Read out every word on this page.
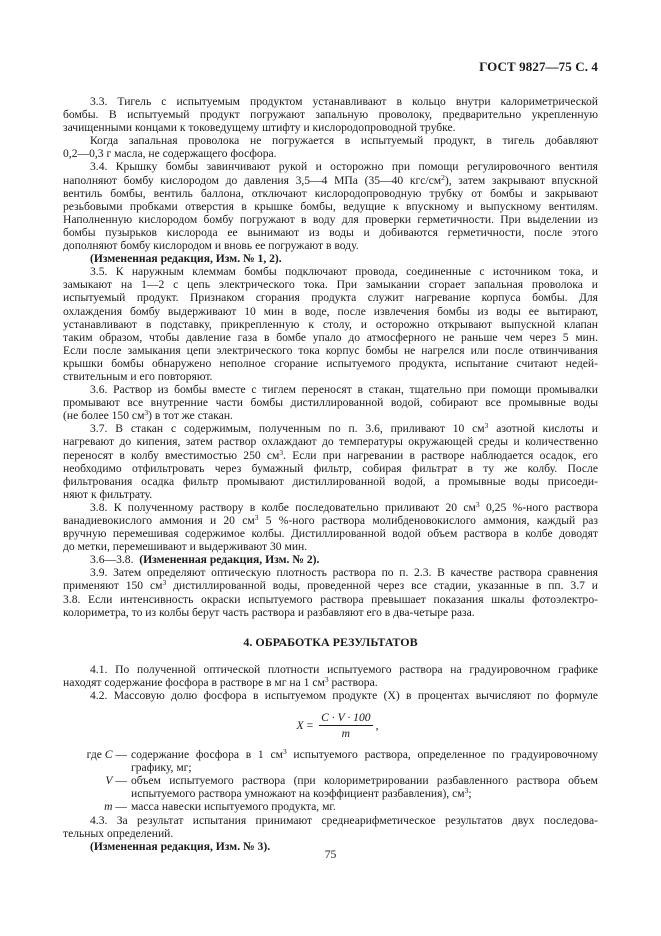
ГОСТ 9827—75 С. 4
3.3. Тигель с испытуемым продуктом устанавливают в кольцо внутри калориметрической
бомбы. В испытуемый продукт погружают запальную проволоку, предварительно укрепленную
зачищенными концами к токоведущему штифту и кислородопроводной трубке.
Когда запальная проволока не погружается в испытуемый продукт, в тигель добавляют
0,2—0,3 г масла, не содержащего фосфора.
3.4. Крышку бомбы завинчивают рукой и осторожно при помощи регулировочного вентиля
наполняют бомбу кислородом до давления 3,5—4 МПа (35—40 кгс/$см^2$), затем закрывают впускной
вентиль бомбы, вентиль баллона, отключают кислородопроводную трубку от бомбы и закрывают
резьбовыми пробками отверстия в крышке бомбы, ведущие к впускному и выпускному вентилям.
Наполненную кислородом бомбу погружают в воду для проверки герметичности. При выделении из
бомбы пузырьков кислорода ее вынимают из воды и добиваются герметичности, после этого
дополняют бомбу кислородом и вновь ее погружают в воду.
(Измененная редакция, Изм. № 1, 2).
3.5. К наружным клеммам бомбы подключают провода, соединенные с источником тока, и
замыкают на 1—2 с цепь электрического тока. При замыкании сгорает запальная проволока и
испытуемый продукт. Признаком сгорания продукта служит нагревание корпуса бомбы. Для
охлаждения бомбу выдерживают 10 мин в воде, после извлечения бомбы из воды ее вытирают,
устанавливают в подставку, прикрепленную к столу, и осторожно открывают выпускной клапан
таким образом, чтобы давление газа в бомбе упало до атмосферного не раньше чем через 5 мин.
Если после замыкания цепи электрического тока корпус бомбы не нагрелся или после отвинчивания
крышки бомбы обнаружено неполное сгорание испытуемого продукта, испытание считают недей-
ствительным и его повторяют.
3.6. Раствор из бомбы вместе с тиглем переносят в стакан, тщательно при помощи промывалки
промывают все внутренние части бомбы дистиллированной водой, собирают все промывные воды
(не более 150 $см^3$) в тот же стакан.
3.7. В стакан с содержимым, полученным по п. 3.6, приливают 10 $см^3$ азотной кислоты и
нагревают до кипения, затем раствор охлаждают до температуры окружающей среды и количественно
переносят в колбу вместимостью 250 $см^3$. Если при нагревании в растворе наблюдается осадок, его
необходимо отфильтровать через бумажный фильтр, собирая фильтрат в ту же колбу. После
фильтрования осадка фильтр промывают дистиллированной водой, а промывные воды присоеди-
няют к фильтрату.
3.8. К полученному раствору в колбе последовательно приливают 20 $см^3$ 0,25 %-ного раствора
ванадиевокислого аммония и 20 $см^3$ 5 %-ного раствора молибденовокислого аммония, каждый раз
вручную перемешивая содержимое колбы. Дистиллированной водой объем раствора в колбе доводят
до метки, перемешивают и выдерживают 30 мин.
3.6—3.8. (Измененная редакция, Изм. № 2).
3.9. Затем определяют оптическую плотность раствора по п. 2.3. В качестве раствора сравнения
применяют 150 $см^3$ дистиллированной воды, проведенной через все стадии, указанные в пп. 3.7 и
3.8. Если интенсивность окраски испытуемого раствора превышает показания шкалы фотоэлектро-
колориметра, то из колбы берут часть раствора и разбавляют его в два-четыре раза.
4. ОБРАБОТКА РЕЗУЛЬТАТОВ
4.1. По полученной оптической плотности испытуемого раствора на градуировочном графике
находят содержание фосфора в растворе в мг на 1 $см^3$ раствора.
4.2. Массовую долю фосфора в испытуемом продукте (X) в процентах вычисляют по формуле
$X = \frac{C \cdot V \cdot 100}{m}$ ,
где C — содержание фосфора в 1 $см^3$ испытуемого раствора, определенное по градуировочному
графику, мг;
V — объем испытуемого раствора (при колориметрировании разбавленного раствора объем
испытуемого раствора умножают на коэффициент разбавления), $см^3$;
m — масса навески испытуемого продукта, мг.
4.3. За результат испытания принимают среднеарифметическое результатов двух последова-
тельных определений.
(Измененная редакция, Изм. № 3).
75
